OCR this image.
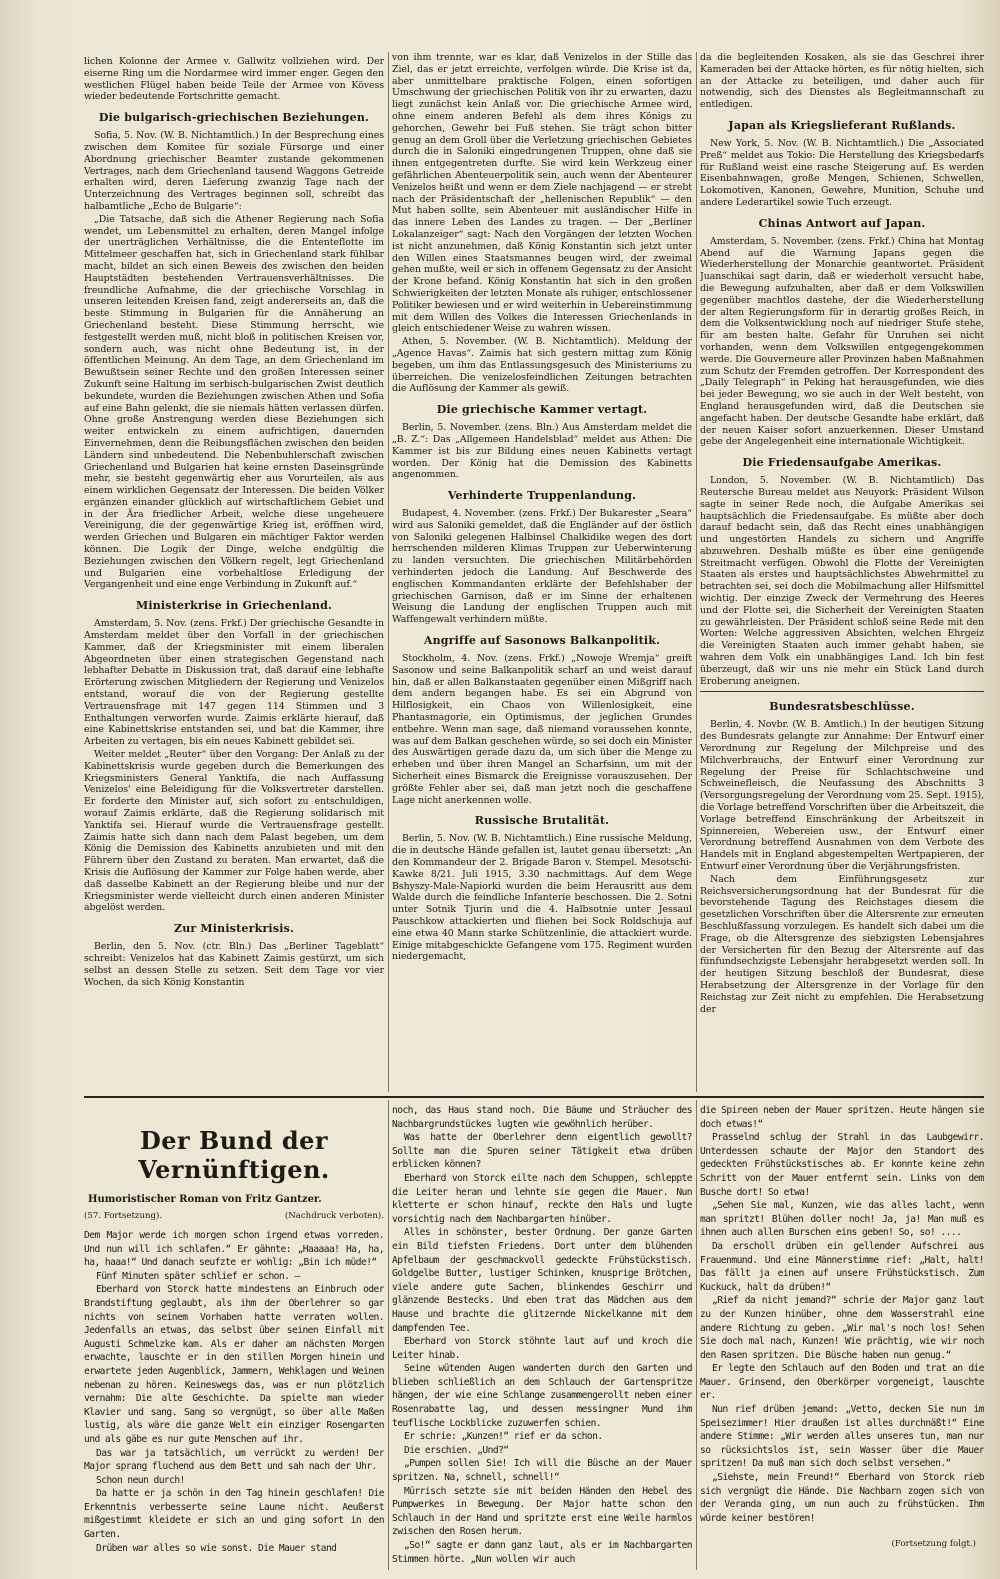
lichen Kolonne der Armee v. Gallwitz vollziehen wird. Der eiserne Ring um die Nordarmee wird immer enger. Gegen den westlichen Flügel haben beide Teile der Armee von Kövess wieder bedeutende Fortschritte gemacht.

Die bulgarisch-griechischen Beziehungen.

Sofia, 5. Nov. (W. B. Nichtamtlich.) In der Besprechung eines zwischen dem Komitee für soziale Fürsorge und einer Abordnung griechischer Beamter zustande gekommenen Vertrages, nach dem Griechenland tausend Waggons Getreide erhalten wird, deren Lieferung zwanzig Tage nach der Unterzeichnung des Vertrages beginnen soll, schreibt das halbamtliche „Echo de Bulgarie“:

„Die Tatsache, daß sich die Athener Regierung nach Sofia wendet, um Lebensmittel zu erhalten, deren Mangel infolge der unerträglichen Verhältnisse, die die Ententeflotte im Mittelmeer geschaffen hat, sich in Griechenland stark fühlbar macht, bildet an sich einen Beweis des zwischen den beiden Hauptstädten bestehenden Vertrauensverhältnisses. Die freundliche Aufnahme, die der griechische Vorschlag in unseren leitenden Kreisen fand, zeigt andererseits an, daß die beste Stimmung in Bulgarien für die Annäherung an Griechenland besteht. Diese Stimmung herrscht, wie festgestellt werden muß, nicht bloß in politischen Kreisen vor, sondern auch, was nicht ohne Bedeutung ist, in der öffentlichen Meinung. An dem Tage, an dem Griechenland im Bewußtsein seiner Rechte und den großen Interessen seiner Zukunft seine Haltung im serbisch-bulgarischen Zwist deutlich bekundete, wurden die Beziehungen zwischen Athen und Sofia auf eine Bahn gelenkt, die sie niemals hätten verlassen dürfen. Ohne große Anstrengung werden diese Beziehungen sich weiter entwickeln zu einem aufrichtigen, dauernden Einvernehmen, denn die Reibungsflächen zwischen den beiden Ländern sind unbedeutend. Die Nebenbuhlerschaft zwischen Griechenland und Bulgarien hat keine ernsten Daseinsgründe mehr, sie besteht gegenwärtig eher aus Vorurteilen, als aus einem wirklichen Gegensatz der Interessen. Die beiden Völker ergänzen einander glücklich auf wirtschaftlichem Gebiet und in der Ära friedlicher Arbeit, welche diese ungeheuere Vereinigung, die der gegenwärtige Krieg ist, eröffnen wird, werden Griechen und Bulgaren ein mächtiger Faktor werden können. Die Logik der Dinge, welche endgültig die Beziehungen zwischen den Völkern regelt, legt Griechenland und Bulgarien eine vorbehaltlose Erledigung der Vergangenheit und eine enge Verbindung in Zukunft auf.“

Ministerkrise in Griechenland.

Amsterdam, 5. Nov. (zens. Frkf.) Der griechische Gesandte in Amsterdam meldet über den Vorfall in der griechischen Kammer, daß der Kriegsminister mit einem liberalen Abgeordneten über einen strategischen Gegenstand nach lebhafter Debatte in Diskussion trat, daß darauf eine lebhafte Erörterung zwischen Mitgliedern der Regierung und Venizelos entstand, worauf die von der Regierung gestellte Vertrauensfrage mit 147 gegen 114 Stimmen und 3 Enthaltungen verworfen wurde. Zaimis erklärte hierauf, daß eine Kabinettskrise entstanden sei, und bat die Kammer, ihre Arbeiten zu vertagen, bis ein neues Kabinett gebildet sei.

Weiter meldet „Reuter“ über den Vorgang: Der Anlaß zu der Kabinettskrisis wurde gegeben durch die Bemerkungen des Kriegsministers General Yanktifa, die nach Auffassung Venizelos' eine Beleidigung für die Volksvertreter darstellen. Er forderte den Minister auf, sich sofort zu entschuldigen, worauf Zaimis erklärte, daß die Regierung solidarisch mit Yanktifa sei. Hierauf wurde die Vertrauensfrage gestellt. Zaimis hatte sich dann nach dem Palast begeben, um dem König die Demission des Kabinetts anzubieten und mit den Führern über den Zustand zu beraten. Man erwartet, daß die Krisis die Auflösung der Kammer zur Folge haben werde, aber daß dasselbe Kabinett an der Regierung bleibe und nur der Kriegsminister werde vielleicht durch einen anderen Minister abgelöst werden.

Zur Ministerkrisis.

Berlin, den 5. Nov. (ctr. Bln.) Das „Berliner Tageblatt“ schreibt: Venizelos hat das Kabinett Zaimis gestürzt, um sich selbst an dessen Stelle zu setzen. Seit dem Tage vor vier Wochen, da sich König Konstantin

von ihm trennte, war es klar, daß Venizelos in der Stille das Ziel, das er jetzt erreichte, verfolgen würde. Die Krise ist da, aber unmittelbare praktische Folgen, einen sofortigen Umschwung der griechischen Politik von ihr zu erwarten, dazu liegt zunächst kein Anlaß vor. Die griechische Armee wird, ohne einem anderen Befehl als dem ihres Königs zu gehorchen, Gewehr bei Fuß stehen. Sie trägt schon bitter genug an dem Groll über die Verletzung griechischen Gebietes durch die in Saloniki eingedrungenen Truppen, ohne daß sie ihnen entgegentreten durfte. Sie wird kein Werkzeug einer gefährlichen Abenteuerpolitik sein, auch wenn der Abenteurer Venizelos heißt und wenn er dem Ziele nachjagend — er strebt nach der Präsidentschaft der „hellenischen Republik“ — den Mut haben sollte, sein Abenteuer mit ausländischer Hilfe in das innere Leben des Landes zu tragen. — Der „Berliner Lokalanzeiger“ sagt: Nach den Vorgängen der letzten Wochen ist nicht anzunehmen, daß König Konstantin sich jetzt unter den Willen eines Staatsmannes beugen wird, der zweimal gehen mußte, weil er sich in offenem Gegensatz zu der Ansicht der Krone befand. König Konstantin hat sich in den großen Schwierigkeiten der letzten Monate als ruhiger, entschlossener Politiker bewiesen und er wird weiterhin in Uebereinstimmung mit dem Willen des Volkes die Interessen Griechenlands in gleich entschiedener Weise zu wahren wissen.

Athen, 5. November. (W. B. Nichtamtlich). Meldung der „Agence Havas“. Zaimis hat sich gestern mittag zum König begeben, um ihm das Entlassungsgesuch des Ministeriums zu überreichen. Die venizelosfeindlichen Zeitungen betrachten die Auflösung der Kammer als gewiß.

Die griechische Kammer vertagt.

Berlin, 5. November. (zens. Bln.) Aus Amsterdam meldet die „B. Z.“: Das „Allgemeen Handelsblad“ meldet aus Athen: Die Kammer ist bis zur Bildung eines neuen Kabinetts vertagt worden. Der König hat die Demission des Kabinetts angenommen.

Verhinderte Truppenlandung.

Budapest, 4. November. (zens. Frkf.) Der Bukarester „Seara“ wird aus Saloniki gemeldet, daß die Engländer auf der östlich von Saloniki gelegenen Halbinsel Chalkidike wegen des dort herrschenden milderen Klimas Truppen zur Ueberwinterung zu landen versuchten. Die griechischen Militärbehörden verhinderten jedoch die Landung. Auf Beschwerde des englischen Kommandanten erklärte der Befehlshaber der griechischen Garnison, daß er im Sinne der erhaltenen Weisung die Landung der englischen Truppen auch mit Waffengewalt verhindern müßte.

Angriffe auf Sasonows Balkanpolitik.

Stockholm, 4. Nov. (zens. Frkf.) „Nowoje Wremja“ greift Sasonow und seine Balkanpolitik scharf an und weist darauf hin, daß er allen Balkanstaaten gegenüber einen Mißgriff nach dem andern begangen habe. Es sei ein Abgrund von Hilflosigkeit, ein Chaos von Willenlosigkeit, eine Phantasmagorie, ein Optimismus, der jeglichen Grundes entbehre. Wenn man sage, daß niemand voraussehen konnte, was auf dem Balkan geschehen würde, so sei doch ein Minister des Auswärtigen gerade dazu da, um sich über die Menge zu erheben und über ihren Mangel an Scharfsinn, um mit der Sicherheit eines Bismarck die Ereignisse vorauszusehen. Der größte Fehler aber sei, daß man jetzt noch die geschaffene Lage nicht anerkennen wolle.

Russische Brutalität.

Berlin, 5. Nov. (W. B. Nichtamtlich.) Eine russische Meldung, die in deutsche Hände gefallen ist, lautet genau übersetzt: „An den Kommandeur der 2. Brigade Baron v. Stempel. Mesotschi-Kawke 8/21. Juli 1915, 3.30 nachmittags. Auf dem Wege Bshyszy-Male-Napiorki wurden die beim Herausritt aus dem Walde durch die feindliche Infanterie beschossen. Die 2. Sotni unter Sotnik Tjurin und die 4. Halbsotnie unter Jessaul Pauschkow attackierten und fliehen bei Sock Roldschuja auf eine etwa 40 Mann starke Schützenlinie, die attackiert wurde. Einige mitabgeschickte Gefangene vom 175. Regiment wurden niedergemacht,

da die begleitenden Kosaken, als sie das Geschrei ihrer Kameraden bei der Attacke hörten, es für nötig hielten, sich an der Attacke zu beteiligen, und daher auch für notwendig, sich des Dienstes als Begleitmannschaft zu entledigen.

Japan als Kriegslieferant Rußlands.

New York, 5. Nov. (W. B. Nichtamtlich.) Die „Associated Preß“ meldet aus Tokio: Die Herstellung des Kriegsbedarfs für Rußland weist eine rasche Steigerung auf. Es werden Eisenbahnwagen, große Mengen, Schienen, Schwellen, Lokomotiven, Kanonen, Gewehre, Munition, Schuhe und andere Lederartikel sowie Tuch erzeugt.

Chinas Antwort auf Japan.

Amsterdam, 5. November. (zens. Frkf.) China hat Montag Abend auf die Warnung Japans gegen die Wiederherstellung der Monarchie geantwortet. Präsident Juanschikai sagt darin, daß er wiederholt versucht habe, die Bewegung aufzuhalten, aber daß er dem Volkswillen gegenüber machtlos dastehe, der die Wiederherstellung der alten Regierungsform für in derartig großes Reich, in dem die Volksentwicklung noch auf niedriger Stufe stehe, für am besten halte. Gefahr für Unruhen sei nicht vorhanden, wenn dem Volkswillen entgegengekommen werde. Die Gouverneure aller Provinzen haben Maßnahmen zum Schutz der Fremden getroffen. Der Korrespondent des „Daily Telegraph“ in Peking hat herausgefunden, wie dies bei jeder Bewegung, wo sie auch in der Welt besteht, von England herausgefunden wird, daß die Deutschen sie angefacht haben. Der deutsche Gesandte habe erklärt, daß der neuen Kaiser sofort anzuerkennen. Dieser Umstand gebe der Angelegenheit eine internationale Wichtigkeit.

Die Friedensaufgabe Amerikas.

London, 5. November. (W. B. Nichtamtlich) Das Reutersche Bureau meldet aus Neuyork: Präsident Wilson sagte in seiner Rede noch, die Aufgabe Amerikas sei hauptsächlich die Friedensaufgabe. Es müßte aber doch darauf bedacht sein, daß das Recht eines unabhängigen und ungestörten Handels zu sichern und Angriffe abzuwehren. Deshalb müßte es über eine genügende Streitmacht verfügen. Obwohl die Flotte der Vereinigten Staaten als erstes und hauptsächlichstes Abwehrmittel zu betrachten sei, sei doch die Mobilmachung aller Hilfsmittel wichtig. Der einzige Zweck der Vermehrung des Heeres und der Flotte sei, die Sicherheit der Vereinigten Staaten zu gewährleisten. Der Präsident schloß seine Rede mit den Worten: Welche aggressiven Absichten, welchen Ehrgeiz die Vereinigten Staaten auch immer gehabt haben, sie wahren dem Volk ein unabhängiges Land. Ich bin fest überzeugt, daß wir uns nie mehr ein Stück Land durch Eroberung aneignen.

Bundesratsbeschlüsse.

Berlin, 4. Novbr. (W. B. Amtlich.) In der heutigen Sitzung des Bundesrats gelangte zur Annahme: Der Entwurf einer Verordnung zur Regelung der Milchpreise und des Milchverbrauchs, der Entwurf einer Verordnung zur Regelung der Preise für Schlachtschweine und Schweinefleisch, die Neufassung des Abschnitts 3 (Versorgungsregelung der Verordnung vom 25. Sept. 1915), die Vorlage betreffend Vorschriften über die Arbeitszeit, die Vorlage betreffend Einschränkung der Arbeitszeit in Spinnereien, Webereien usw., der Entwurf einer Verordnung betreffend Ausnahmen von dem Verbote des Handels mit in England abgestempelten Wertpapieren, der Entwurf einer Verordnung über die Verjährungsfristen.

Nach dem Einführungsgesetz zur Reichsversicherungsordnung hat der Bundesrat für die bevorstehende Tagung des Reichstages diesem die gesetzlichen Vorschriften über die Altersrente zur erneuten Beschlußfassung vorzulegen. Es handelt sich dabei um die Frage, ob die Altersgrenze des siebzigsten Lebensjahres der Versicherten für den Bezug der Altersrente auf das fünfundsechzigste Lebensjahr herabgesetzt werden soll. In der heutigen Sitzung beschloß der Bundesrat, diese Herabsetzung der Altersgrenze in der Vorlage für den Reichstag zur Zeit nicht zu empfehlen. Die Herabsetzung der

Der Bund der Vernünftigen.
Humoristischer Roman von Fritz Gantzer.
(57. Fortsetzung).	(Nachdruck verboten).

Dem Major werde ich morgen schon irgend etwas vorreden. Und nun will ich schlafen.“ Er gähnte: „Haaaaa! Ha, ha, ha, haaa!“ Und danach seufzte er wohlig: „Bin ich müde!“

Fünf Minuten später schlief er schon. —

Eberhard von Storck hatte mindestens an Einbruch oder Brandstiftung geglaubt, als ihm der Oberlehrer so gar nichts von seinem Vorhaben hatte verraten wollen. Jedenfalls an etwas, das selbst über seinen Einfall mit Augusti Schmelzke kam. Als er daher am nächsten Morgen erwachte, lauschte er in den stillen Morgen hinein und erwartete jeden Augenblick, Jammern, Wehklagen und Weinen nebenan zu hören. Keineswegs das, was er nun plötzlich vernahm: Die alte Geschichte. Da spielte man wieder Klavier und sang. Sang so vergnügt, so über alle Maßen lustig, als wäre die ganze Welt ein einziger Rosengarten und als gäbe es nur gute Menschen auf ihr.

Das war ja tatsächlich, um verrückt zu werden! Der Major sprang fluchend aus dem Bett und sah nach der Uhr.

Schon neun durch!

Da hatte er ja schön in den Tag hinein geschlafen! Die Erkenntnis verbesserte seine Laune nicht. Aeußerst mißgestimmt kleidete er sich an und ging sofort in den Garten.

Drüben war alles so wie sonst. Die Mauer stand

noch, das Haus stand noch. Die Bäume und Sträucher des Nachbargrundstückes lugten wie gewöhnlich herüber.

Was hatte der Oberlehrer denn eigentlich gewollt? Sollte man die Spuren seiner Tätigkeit etwa drüben erblicken können?

Eberhard von Storck eilte nach dem Schuppen, schleppte die Leiter heran und lehnte sie gegen die Mauer. Nun kletterte er schon hinauf, reckte den Hals und lugte vorsichtig nach dem Nachbargarten hinüber.

Alles in schönster, bester Ordnung. Der ganze Garten ein Bild tiefsten Friedens. Dort unter dem blühenden Apfelbaum der geschmackvoll gedeckte Frühstückstisch. Goldgelbe Butter, lustiger Schinken, knusprige Brötchen, viele andere gute Sachen, blinkendes Geschirr und glänzende Bestecks. Und eben trat das Mädchen aus dem Hause und brachte die glitzernde Nickelkanne mit dem dampfenden Tee.

Eberhard von Storck stöhnte laut auf und kroch die Leiter hinab.

Seine wütenden Augen wanderten durch den Garten und blieben schließlich an dem Schlauch der Gartenspritze hängen, der wie eine Schlange zusammengerollt neben einer Rosenrabatte lag, und dessen messingner Mund ihm teuflische Lockblicke zuzuwerfen schien.

Er schrie: „Kunzen!“ rief er da schon.

Die erschien. „Und?“

„Pumpen sollen Sie! Ich will die Büsche an der Mauer spritzen. Na, schnell, schnell!“

Mürrisch setzte sie mit beiden Händen den Hebel des Pumpwerkes in Bewegung. Der Major hatte schon den Schlauch in der Hand und spritzte erst eine Weile harmlos zwischen den Rosen herum.

„So!“ sagte er dann ganz laut, als er im Nachbargarten Stimmen hörte. „Nun wollen wir auch

die Spireen neben der Mauer spritzen. Heute hängen sie doch etwas!“

Prasselnd schlug der Strahl in das Laubgewirr. Unterdessen schaute der Major den Standort des gedeckten Frühstückstisches ab. Er konnte keine zehn Schritt von der Mauer entfernt sein. Links von dem Busche dort! So etwa!

„Sehen Sie mal, Kunzen, wie das alles lacht, wenn man spritzt! Blühen doller noch! Ja, ja! Man muß es ihnen auch allen Burschen eins geben! So, so! ....

Da erscholl drüben ein gellender Aufschrei aus Frauenmund. Und eine Männerstimme rief: „Halt, halt! Das fällt ja einen auf unsere Frühstückstisch. Zum Kuckuck, halt da drüben!“

„Rief da nicht jemand?“ schrie der Major ganz laut zu der Kunzen hinüber, ohne dem Wasserstrahl eine andere Richtung zu geben. „Wir mal's noch los! Sehen Sie doch mal nach, Kunzen! Wie prächtig, wie wir noch den Rasen spritzen. Die Büsche haben nun genug.“

Er legte den Schlauch auf den Boden und trat an die Mauer. Grinsend, den Oberkörper vorgeneigt, lauschte er.

Nun rief drüben jemand: „Vetto, decken Sie nun im Speisezimmer! Hier draußen ist alles durchnäßt!“ Eine andere Stimme: „Wir werden alles unseres tun, man nur so rücksichtslos ist, sein Wasser über die Mauer spritzen! Da muß man sich doch selbst versehen.“

„Siehste, mein Freund!“ Eberhard von Storck rieb sich vergnügt die Hände. Die Nachbarn zogen sich von der Veranda ging, um nun auch zu frühstücken. Ihm würde keiner bestören!

(Fortsetzung folgt.)
